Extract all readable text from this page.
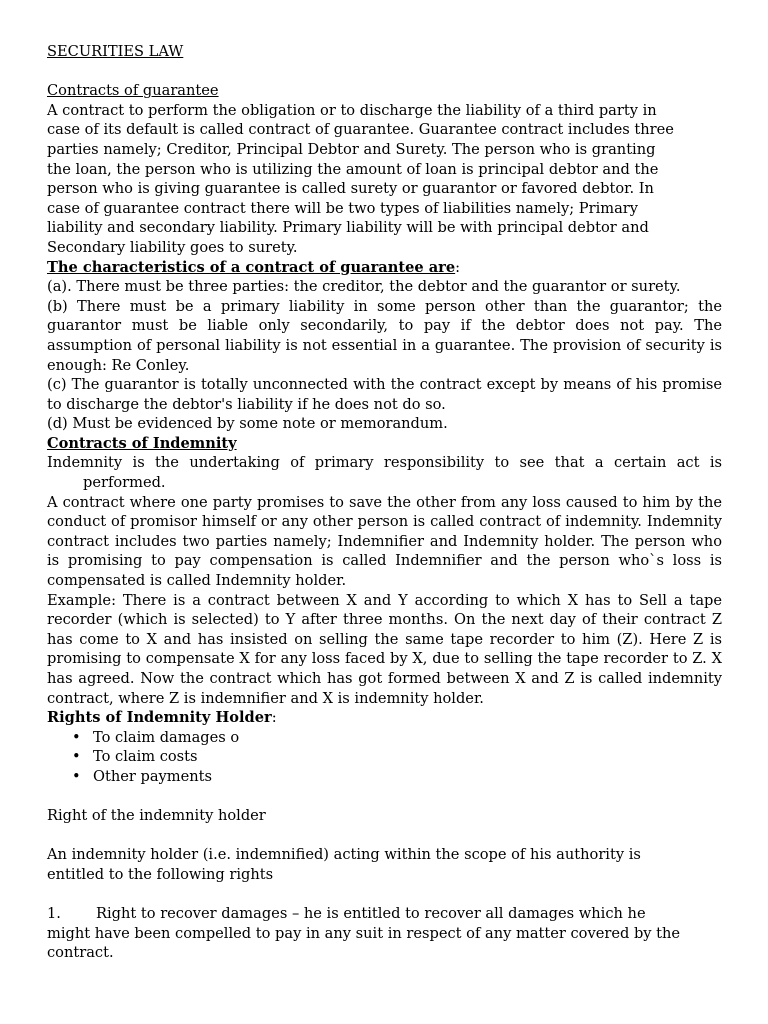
SECURITIES LAW

Contracts of guarantee

A contract to perform the obligation or to discharge the liability of a third party in

case of its default is called contract of guarantee. Guarantee contract includes three

parties namely; Creditor, Principal Debtor and Surety. The person who is granting

the loan, the person who is utilizing the amount of loan is principal debtor and the

person who is giving guarantee is called surety or guarantor or favored debtor. In

case of guarantee contract there will be two types of liabilities namely; Primary

liability and secondary liability. Primary liability will be with principal debtor and

Secondary liability goes to surety.

The characteristics of a contract of guarantee are:

(a). There must be three parties: the creditor, the debtor and the guarantor or surety.

(b) There must be a primary liability in some person other than the guarantor; the guarantor must be liable only secondarily, to pay if the debtor does not pay. The assumption of personal liability is not essential in a guarantee. The provision of security is enough: Re Conley.

(c) The guarantor is totally unconnected with the contract except by means of his promise to discharge the debtor's liability if he does not do so.

(d) Must be evidenced by some note or memorandum.

Contracts of Indemnity

Indemnity is the undertaking of primary responsibility to see that a certain act is

performed.

A contract where one party promises to save the other from any loss caused to him by the conduct of promisor himself or any other person is called contract of indemnity. Indemnity contract includes two parties namely; Indemnifier and Indemnity holder. The person who is promising to pay compensation is called Indemnifier and the person who`s loss is compensated is called Indemnity holder.

Example: There is a contract between X and Y according to which X has to Sell a tape recorder (which is selected) to Y after three months. On the next day of their contract Z has come to X and has insisted on selling the same tape recorder to him (Z). Here Z is promising to compensate X for any loss faced by X, due to selling the tape recorder to Z. X has agreed. Now the contract which has got formed between X and Z is called indemnity contract, where Z is indemnifier and X is indemnity holder.

Rights of Indemnity Holder:

• To claim damages o
• To claim costs
• Other payments

Right of the indemnity holder

An indemnity holder (i.e. indemnified) acting within the scope of his authority is

entitled to the following rights

1. Right to recover damages – he is entitled to recover all damages which he

might have been compelled to pay in any suit in respect of any matter covered by the

contract.
